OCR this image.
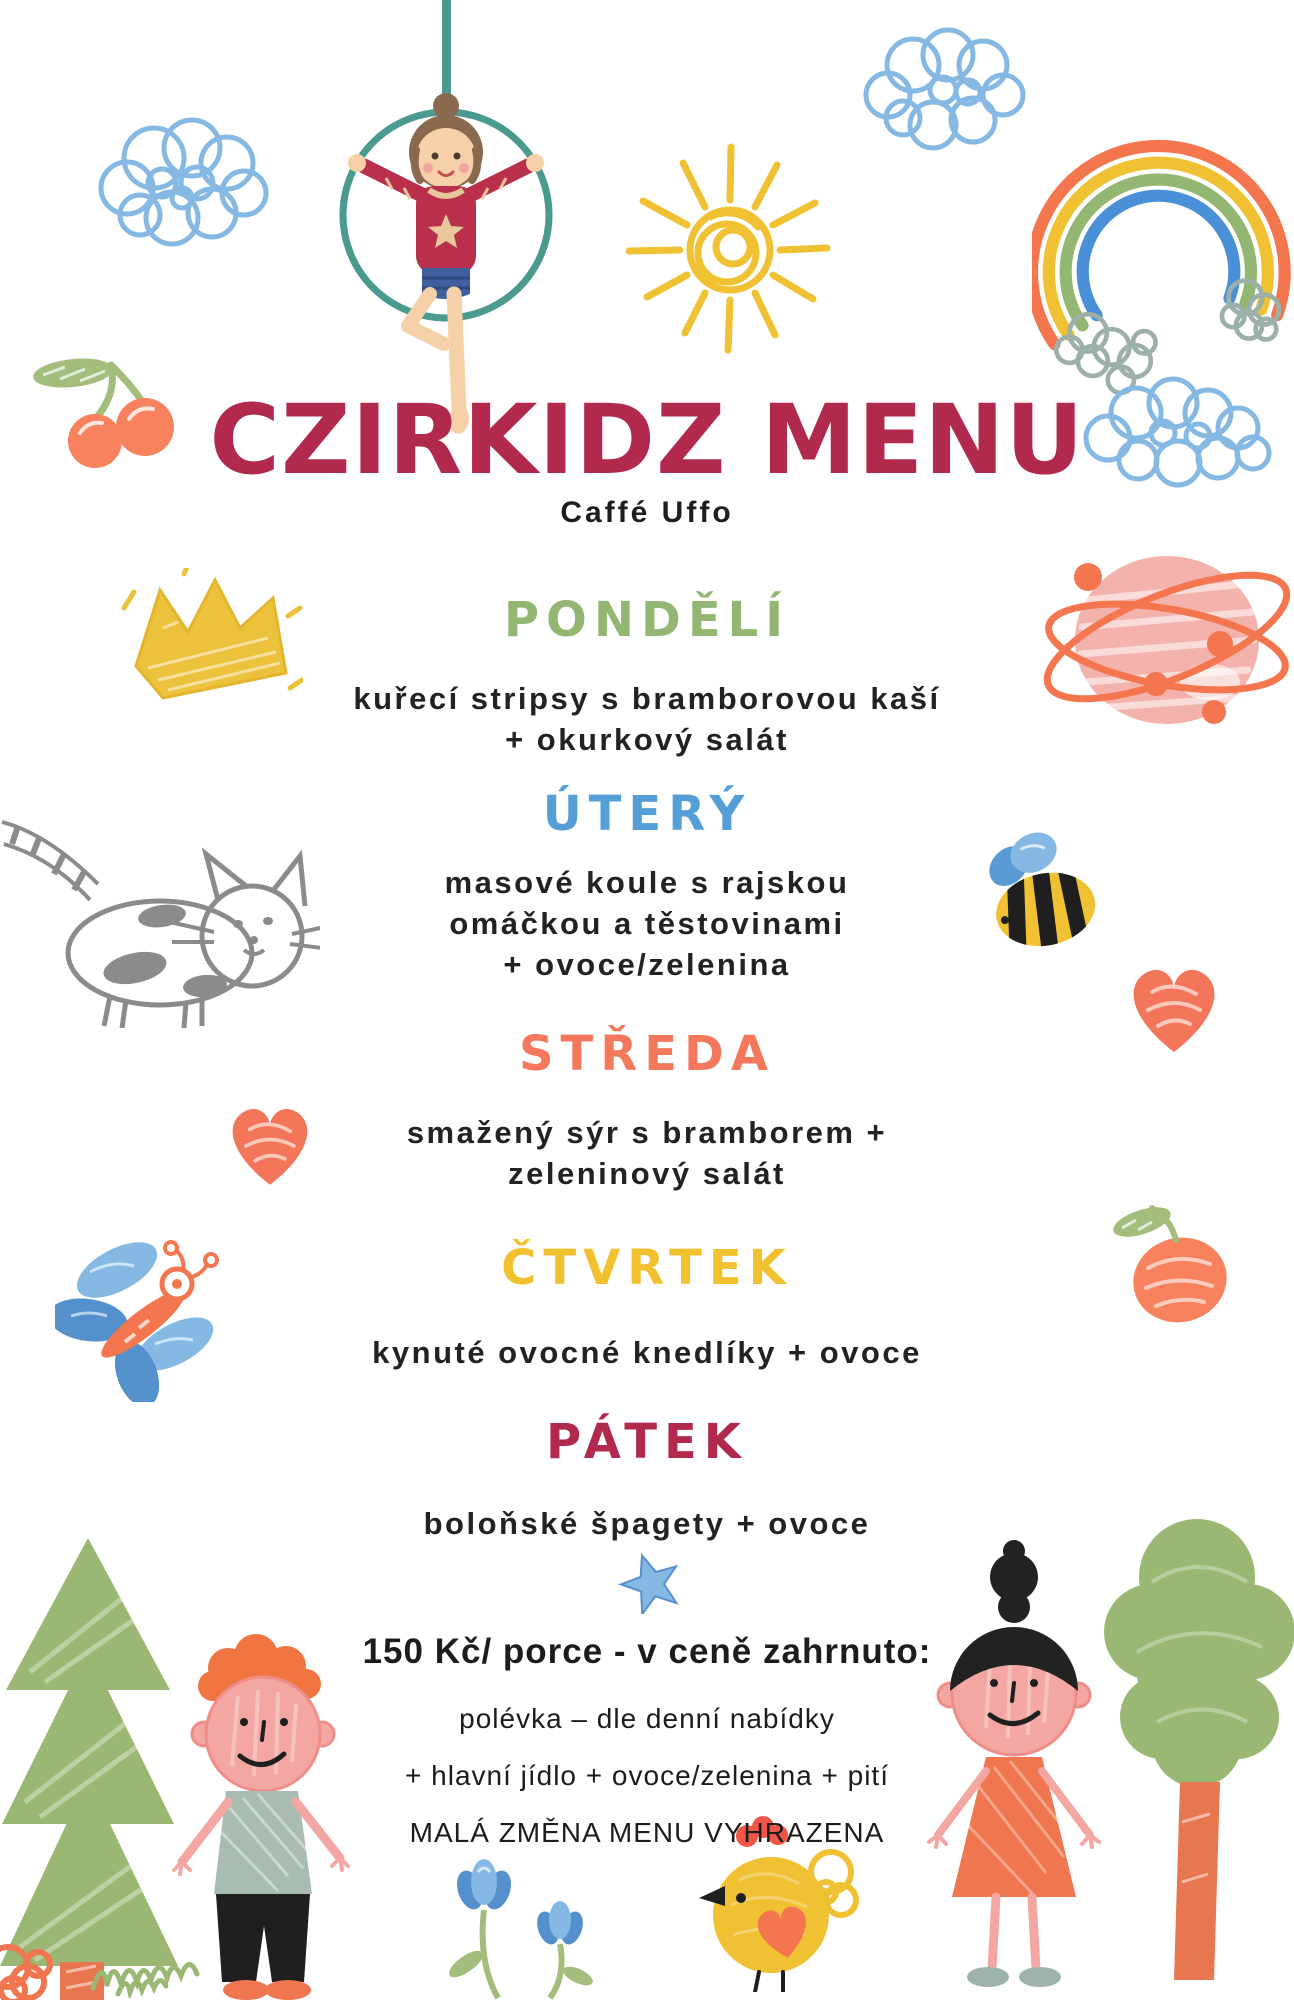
CZIRKIDZ MENU
Caffé Uffo
PONDĚLÍ
kuřecí stripsy s bramborovou kaší
+ okurkový salát
ÚTERÝ
masové koule s rajskou
omáčkou a těstovinami
+ ovoce/zelenina
STŘEDA
smažený sýr s bramborem +
zeleninový salát
ČTVRTEK
kynuté ovocné knedlíky + ovoce
PÁTEK
boloňské špagety + ovoce
150 Kč/ porce - v ceně zahrnuto:
polévka – dle denní nabídky
+ hlavní jídlo + ovoce/zelenina + pití
MALÁ ZMĚNA MENU VYHRAZENA
